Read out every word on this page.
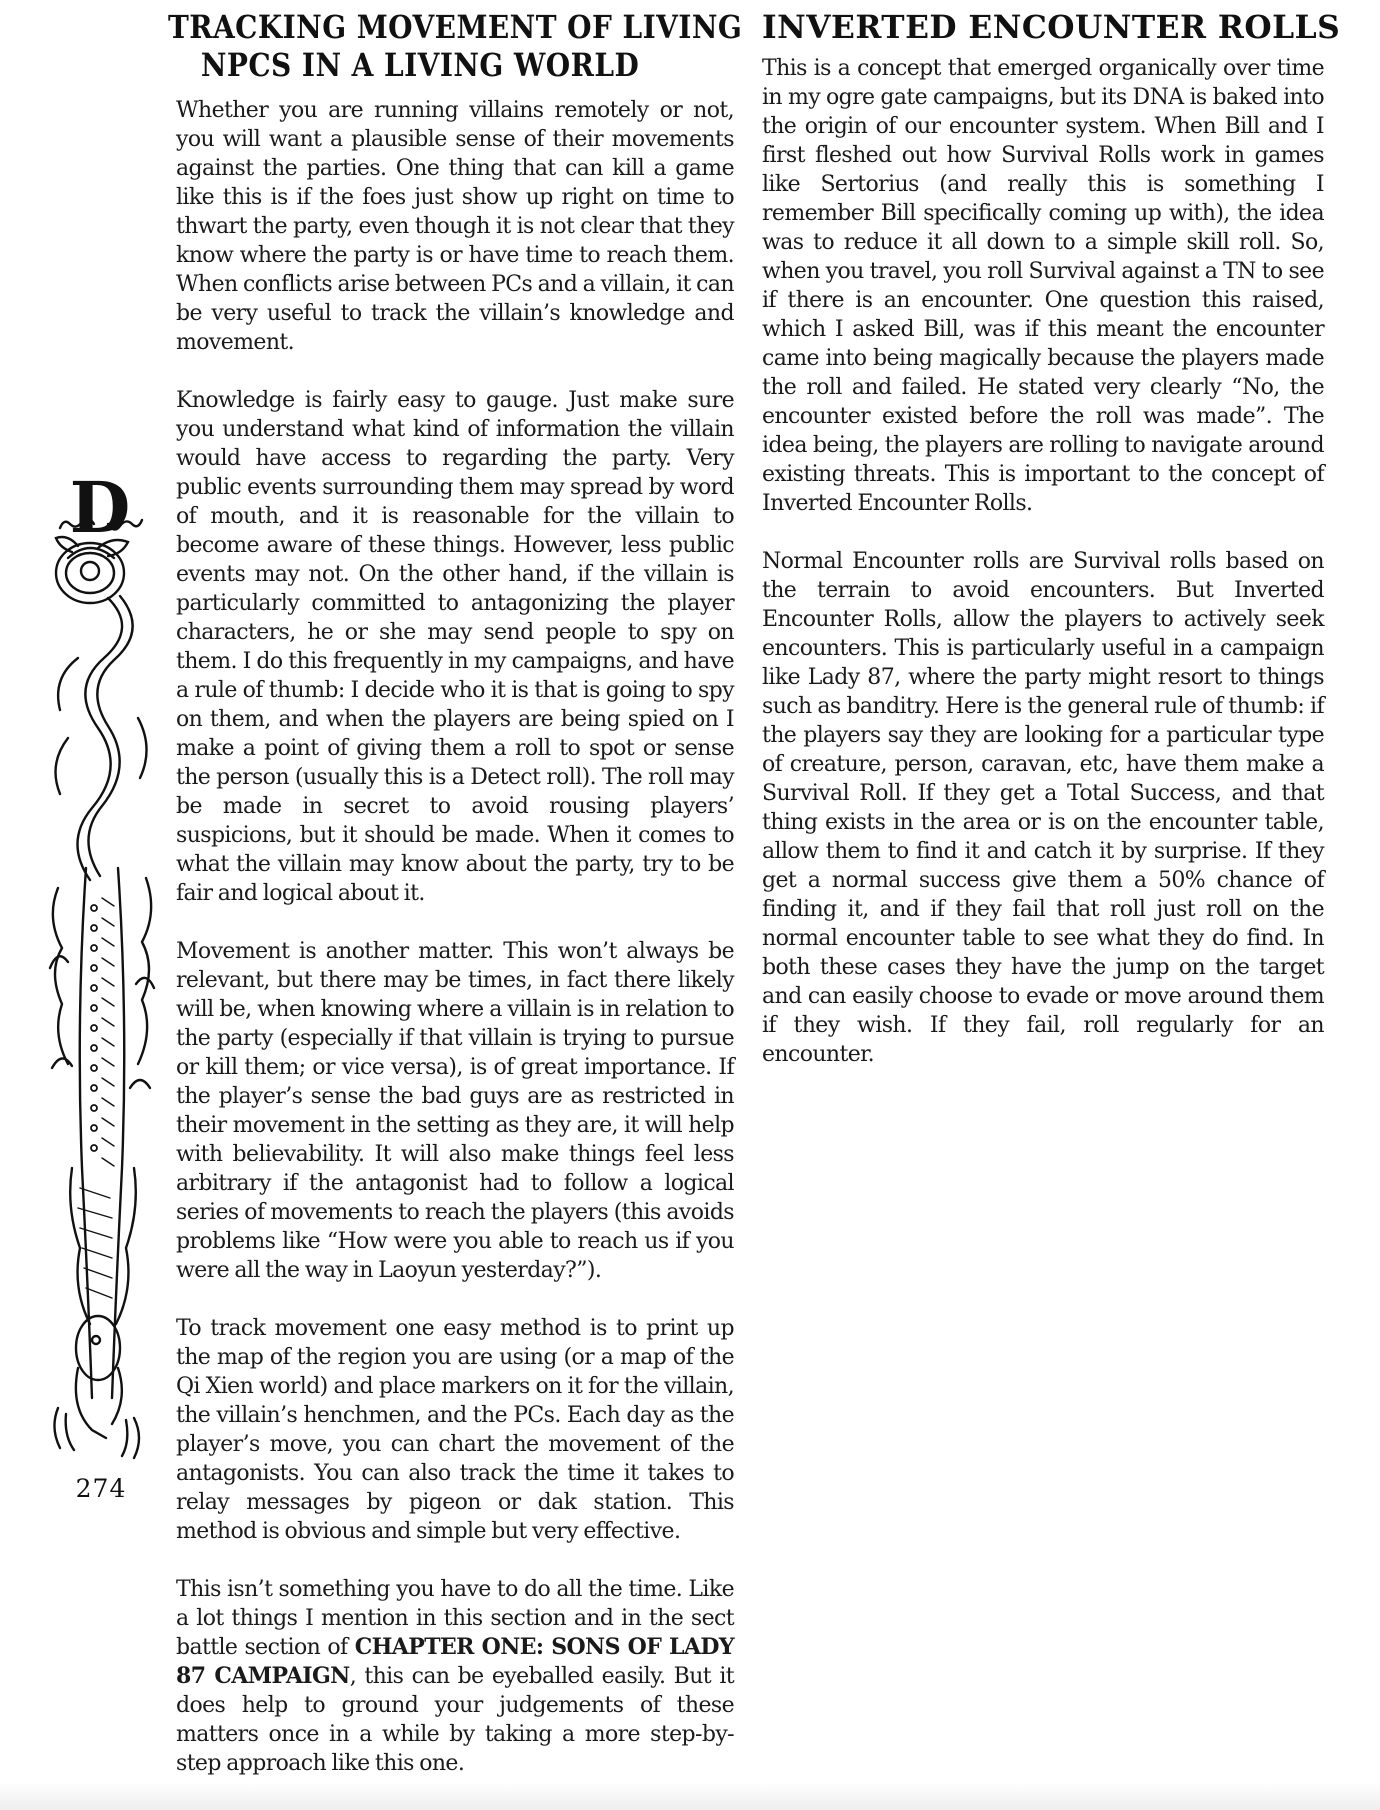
D
274
TRACKING MOVEMENT OF LIVING
NPCS IN A LIVING WORLD

Whether you are running villains remotely or not, you will want a plausible sense of their movements against the parties. One thing that can kill a game like this is if the foes just show up right on time to thwart the party, even though it is not clear that they know where the party is or have time to reach them. When conflicts arise between PCs and a villain, it can be very useful to track the villain’s knowledge and movement.

Knowledge is fairly easy to gauge. Just make sure you understand what kind of information the villain would have access to regarding the party. Very public events surrounding them may spread by word of mouth, and it is reasonable for the villain to become aware of these things. However, less public events may not. On the other hand, if the villain is particularly committed to antagonizing the player characters, he or she may send people to spy on them. I do this frequently in my campaigns, and have a rule of thumb: I decide who it is that is going to spy on them, and when the players are being spied on I make a point of giving them a roll to spot or sense the person (usually this is a Detect roll). The roll may be made in secret to avoid rousing players’ suspicions, but it should be made. When it comes to what the villain may know about the party, try to be fair and logical about it.

Movement is another matter. This won’t always be relevant, but there may be times, in fact there likely will be, when knowing where a villain is in relation to the party (especially if that villain is trying to pursue or kill them; or vice versa), is of great importance. If the player’s sense the bad guys are as restricted in their movement in the setting as they are, it will help with believability. It will also make things feel less arbitrary if the antagonist had to follow a logical series of movements to reach the players (this avoids problems like “How were you able to reach us if you were all the way in Laoyun yesterday?”).

To track movement one easy method is to print up the map of the region you are using (or a map of the Qi Xien world) and place markers on it for the villain, the villain’s henchmen, and the PCs. Each day as the player’s move, you can chart the movement of the antagonists. You can also track the time it takes to relay messages by pigeon or dak station. This method is obvious and simple but very effective.

This isn’t something you have to do all the time. Like a lot things I mention in this section and in the sect battle section of CHAPTER ONE: SONS OF LADY 87 CAMPAIGN, this can be eyeballed easily. But it does help to ground your judgements of these matters once in a while by taking a more step-by-step approach like this one.

INVERTED ENCOUNTER ROLLS

This is a concept that emerged organically over time in my ogre gate campaigns, but its DNA is baked into the origin of our encounter system. When Bill and I first fleshed out how Survival Rolls work in games like Sertorius (and really this is something I remember Bill specifically coming up with), the idea was to reduce it all down to a simple skill roll. So, when you travel, you roll Survival against a TN to see if there is an encounter. One question this raised, which I asked Bill, was if this meant the encounter came into being magically because the players made the roll and failed. He stated very clearly “No, the encounter existed before the roll was made”. The idea being, the players are rolling to navigate around existing threats. This is important to the concept of Inverted Encounter Rolls.

Normal Encounter rolls are Survival rolls based on the terrain to avoid encounters. But Inverted Encounter Rolls, allow the players to actively seek encounters. This is particularly useful in a campaign like Lady 87, where the party might resort to things such as banditry. Here is the general rule of thumb: if the players say they are looking for a particular type of creature, person, caravan, etc, have them make a Survival Roll. If they get a Total Success, and that thing exists in the area or is on the encounter table, allow them to find it and catch it by surprise. If they get a normal success give them a 50% chance of finding it, and if they fail that roll just roll on the normal encounter table to see what they do find. In both these cases they have the jump on the target and can easily choose to evade or move around them if they wish. If they fail, roll regularly for an encounter.
